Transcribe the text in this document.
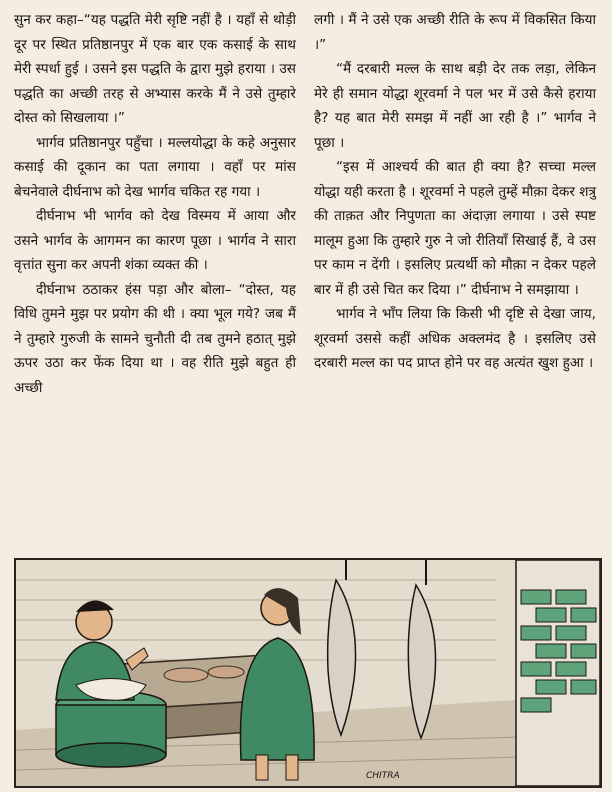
सुन कर कहा–“यह पद्धति मेरी सृष्टि नहीं है । यहाँ से थोड़ी दूर पर स्थित प्रतिष्ठानपुर में एक बार एक कसाई के साथ मेरी स्पर्धा हुई । उसने इस पद्धति के द्वारा मुझे हराया । उस पद्धति का अच्छी तरह से अभ्यास करके मैं ने उसे तुम्हारे दोस्त को सिखलाया ।”

भार्गव प्रतिष्ठानपुर पहुँचा । मल्लयोद्धा के कहे अनुसार कसाई की दूकान का पता लगाया । वहाँ पर मांस बेचनेवाले दीर्घनाभ को देख भार्गव चकित रह गया ।

दीर्घनाभ भी भार्गव को देख विस्मय में आया और उसने भार्गव के आगमन का कारण पूछा । भार्गव ने सारा वृत्तांत सुना कर अपनी शंका व्यक्त की ।

दीर्घनाभ ठठाकर हंस पड़ा और बोला– “दोस्त, यह विधि तुमने मुझ पर प्रयोग की थी । क्या भूल गये? जब मैं ने तुम्हारे गुरुजी के सामने चुनौती दी तब तुमने हठात् मुझे ऊपर उठा कर फेंक दिया था । वह रीति मुझे बहुत ही अच्छी

लगी । मैं ने उसे एक अच्छी रीति के रूप में विकसित किया ।”

“मैं दरबारी मल्ल के साथ बड़ी देर तक लड़ा, लेकिन मेरे ही समान योद्धा शूरवर्मा ने पल भर में उसे कैसे हराया है? यह बात मेरी समझ में नहीं आ रही है ।” भार्गव ने पूछा ।

“इस में आश्चर्य की बात ही क्या है? सच्चा मल्ल योद्धा यही करता है । शूरवर्मा ने पहले तुम्हें मौक़ा देकर शत्रु की ताक़त और निपुणता का अंदाज़ा लगाया । उसे स्पष्ट मालूम हुआ कि तुम्हारे गुरु ने जो रीतियाँ सिखाई हैं, वे उस पर काम न देंगी । इसलिए प्रत्यर्थी को मौक़ा न देकर पहले बार में ही उसे चित कर दिया ।” दीर्घनाभ ने समझाया ।

भार्गव ने भाँप लिया कि किसी भी दृष्टि से देखा जाय, शूरवर्मा उससे कहीं अधिक अक्लमंद है । इसलिए उसे दरबारी मल्ल का पद प्राप्त होने पर वह अत्यंत खुश हुआ ।

CHITRA
